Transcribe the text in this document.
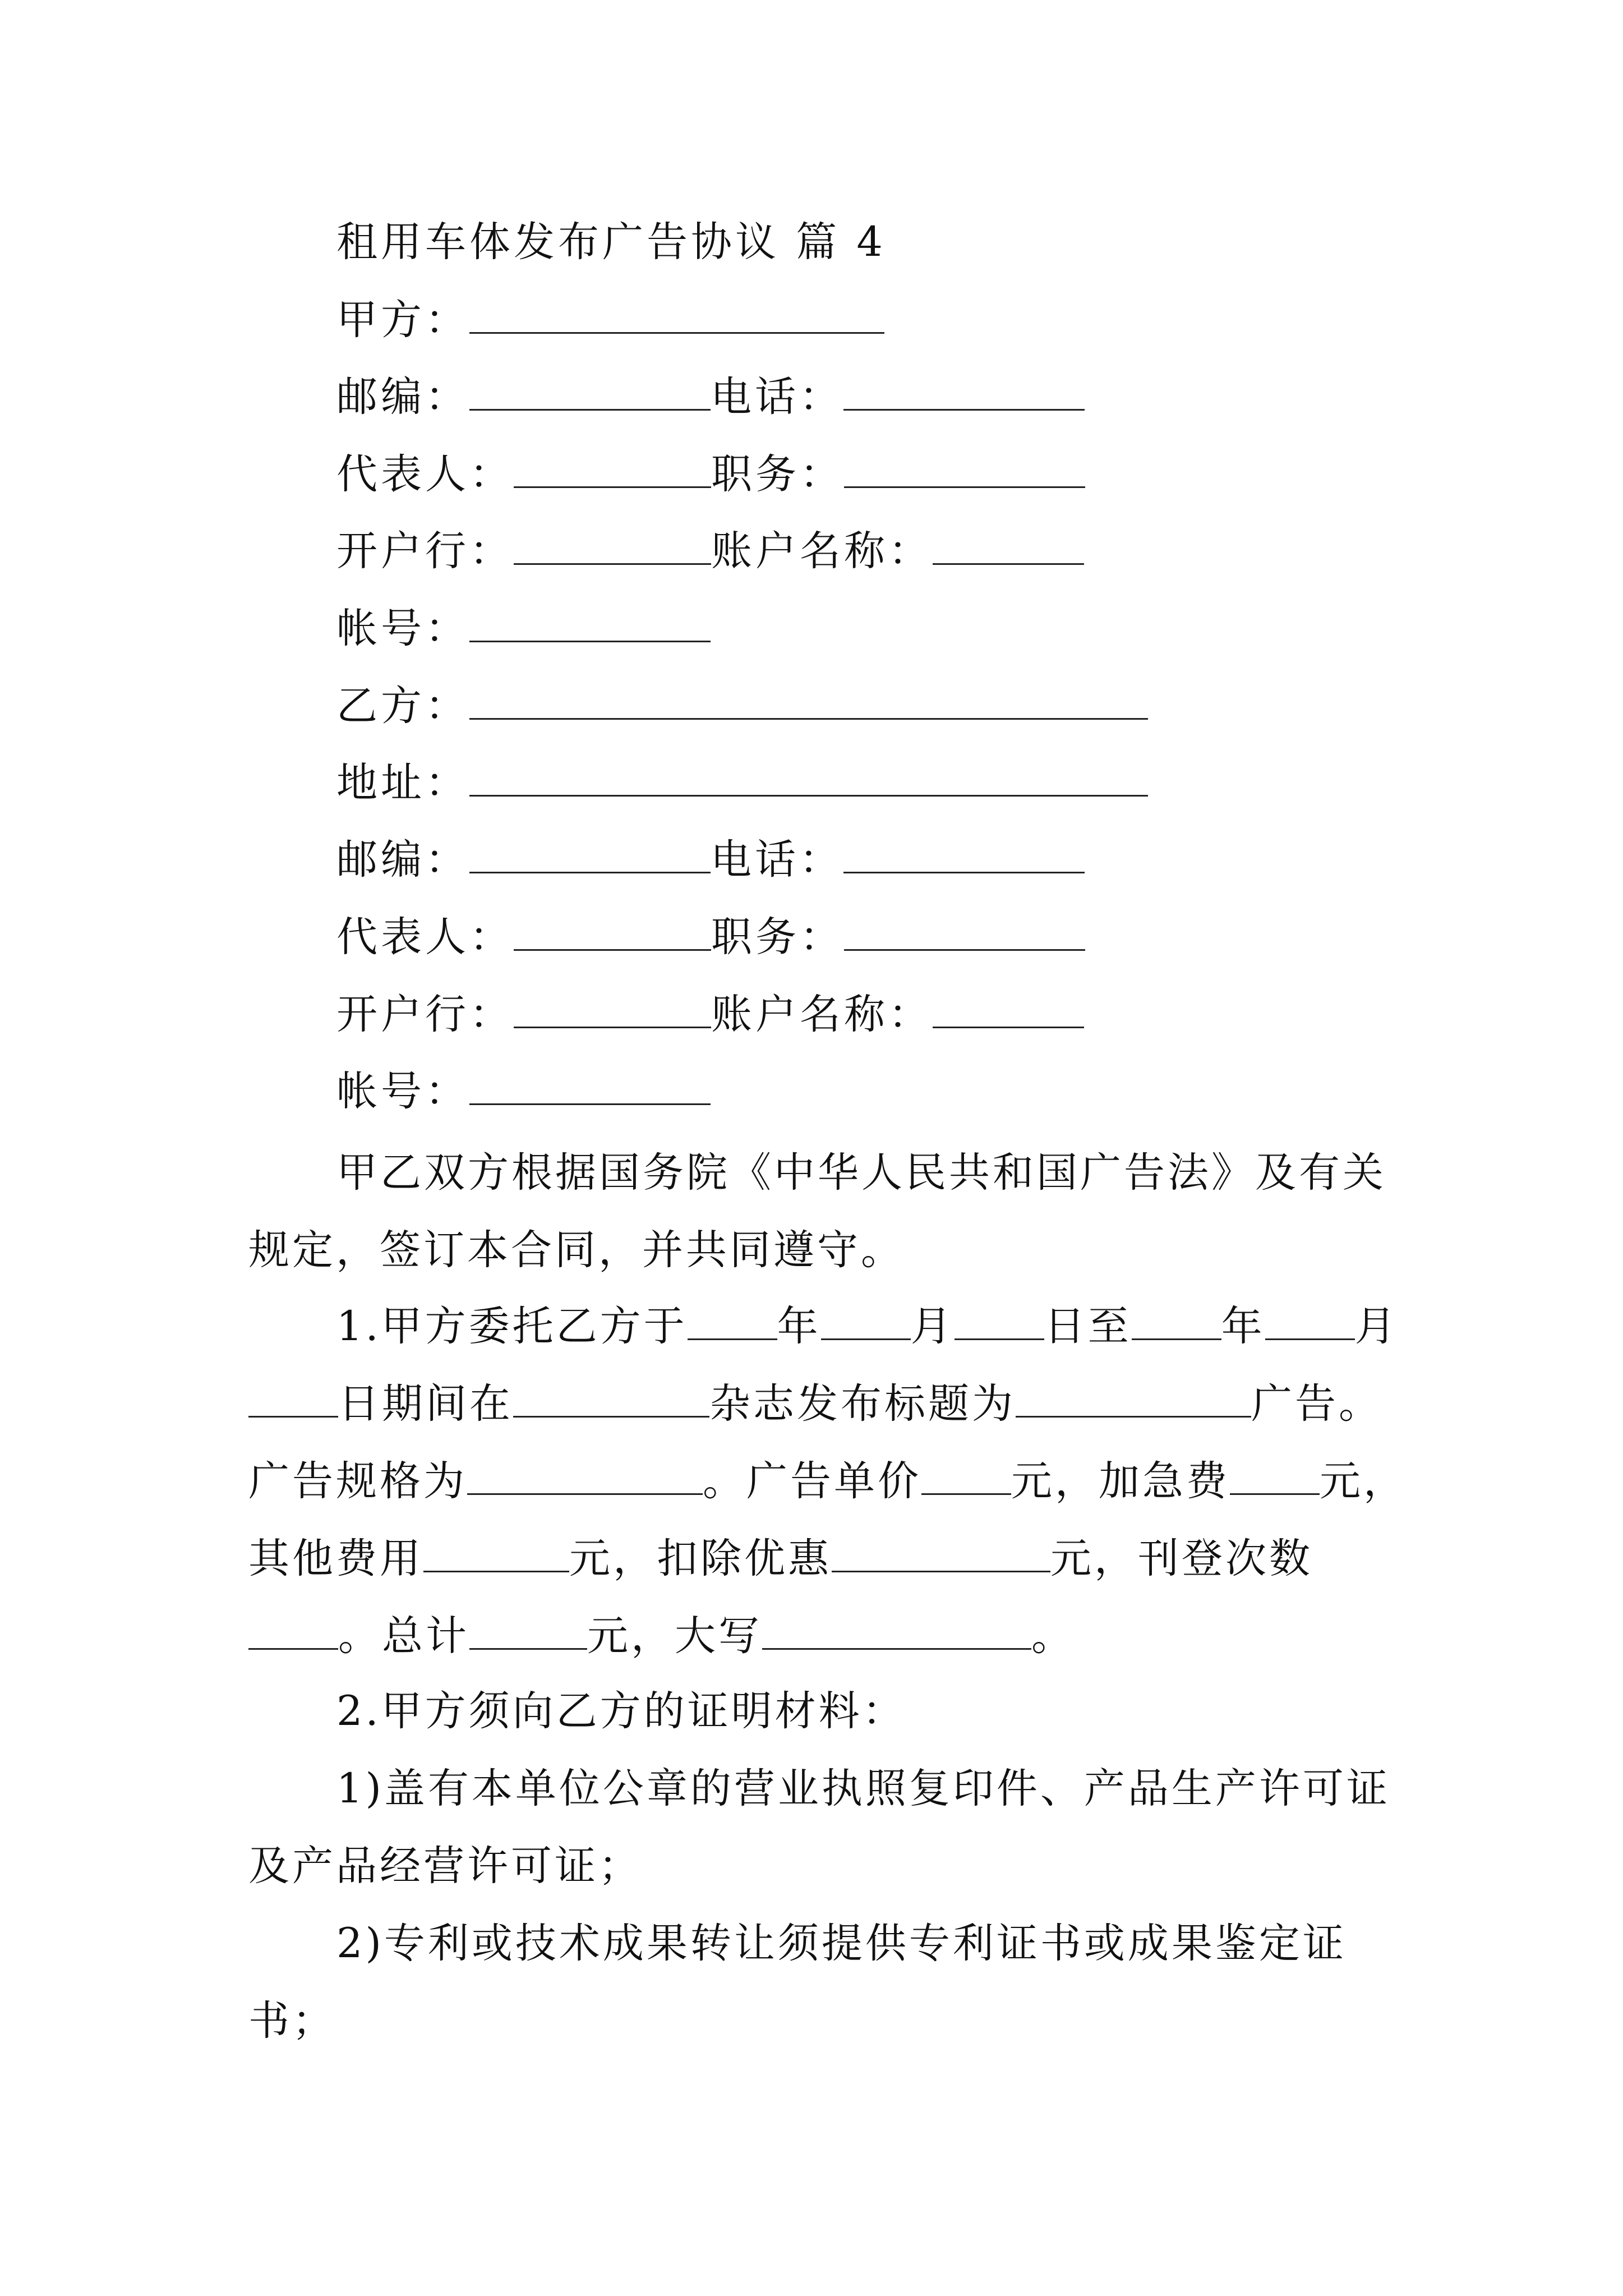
租用车体发布广告协议 篇 4
甲方：
邮编：	电话：
代表人：	职务：
开户行：	账户名称：
帐号：
乙方：
地址：
邮编：	电话：
代表人：	职务：
开户行：	账户名称：
帐号：
甲乙双方根据国务院《中华人民共和国广告法》及有关
规定，签订本合同，并共同遵守。
1.甲方委托乙方于 年 月 日至 年 月
日期间在	杂志发布标题为	广告。
广告规格为	。广告单价 元，加急费 元，
其他费用	元，扣除优惠	元，刊登次数
。总计	元，大写	。
2.甲方须向乙方的证明材料：
1)盖有本单位公章的营业执照复印件、产品生产许可证
及产品经营许可证；
2)专利或技术成果转让须提供专利证书或成果鉴定证
书；
